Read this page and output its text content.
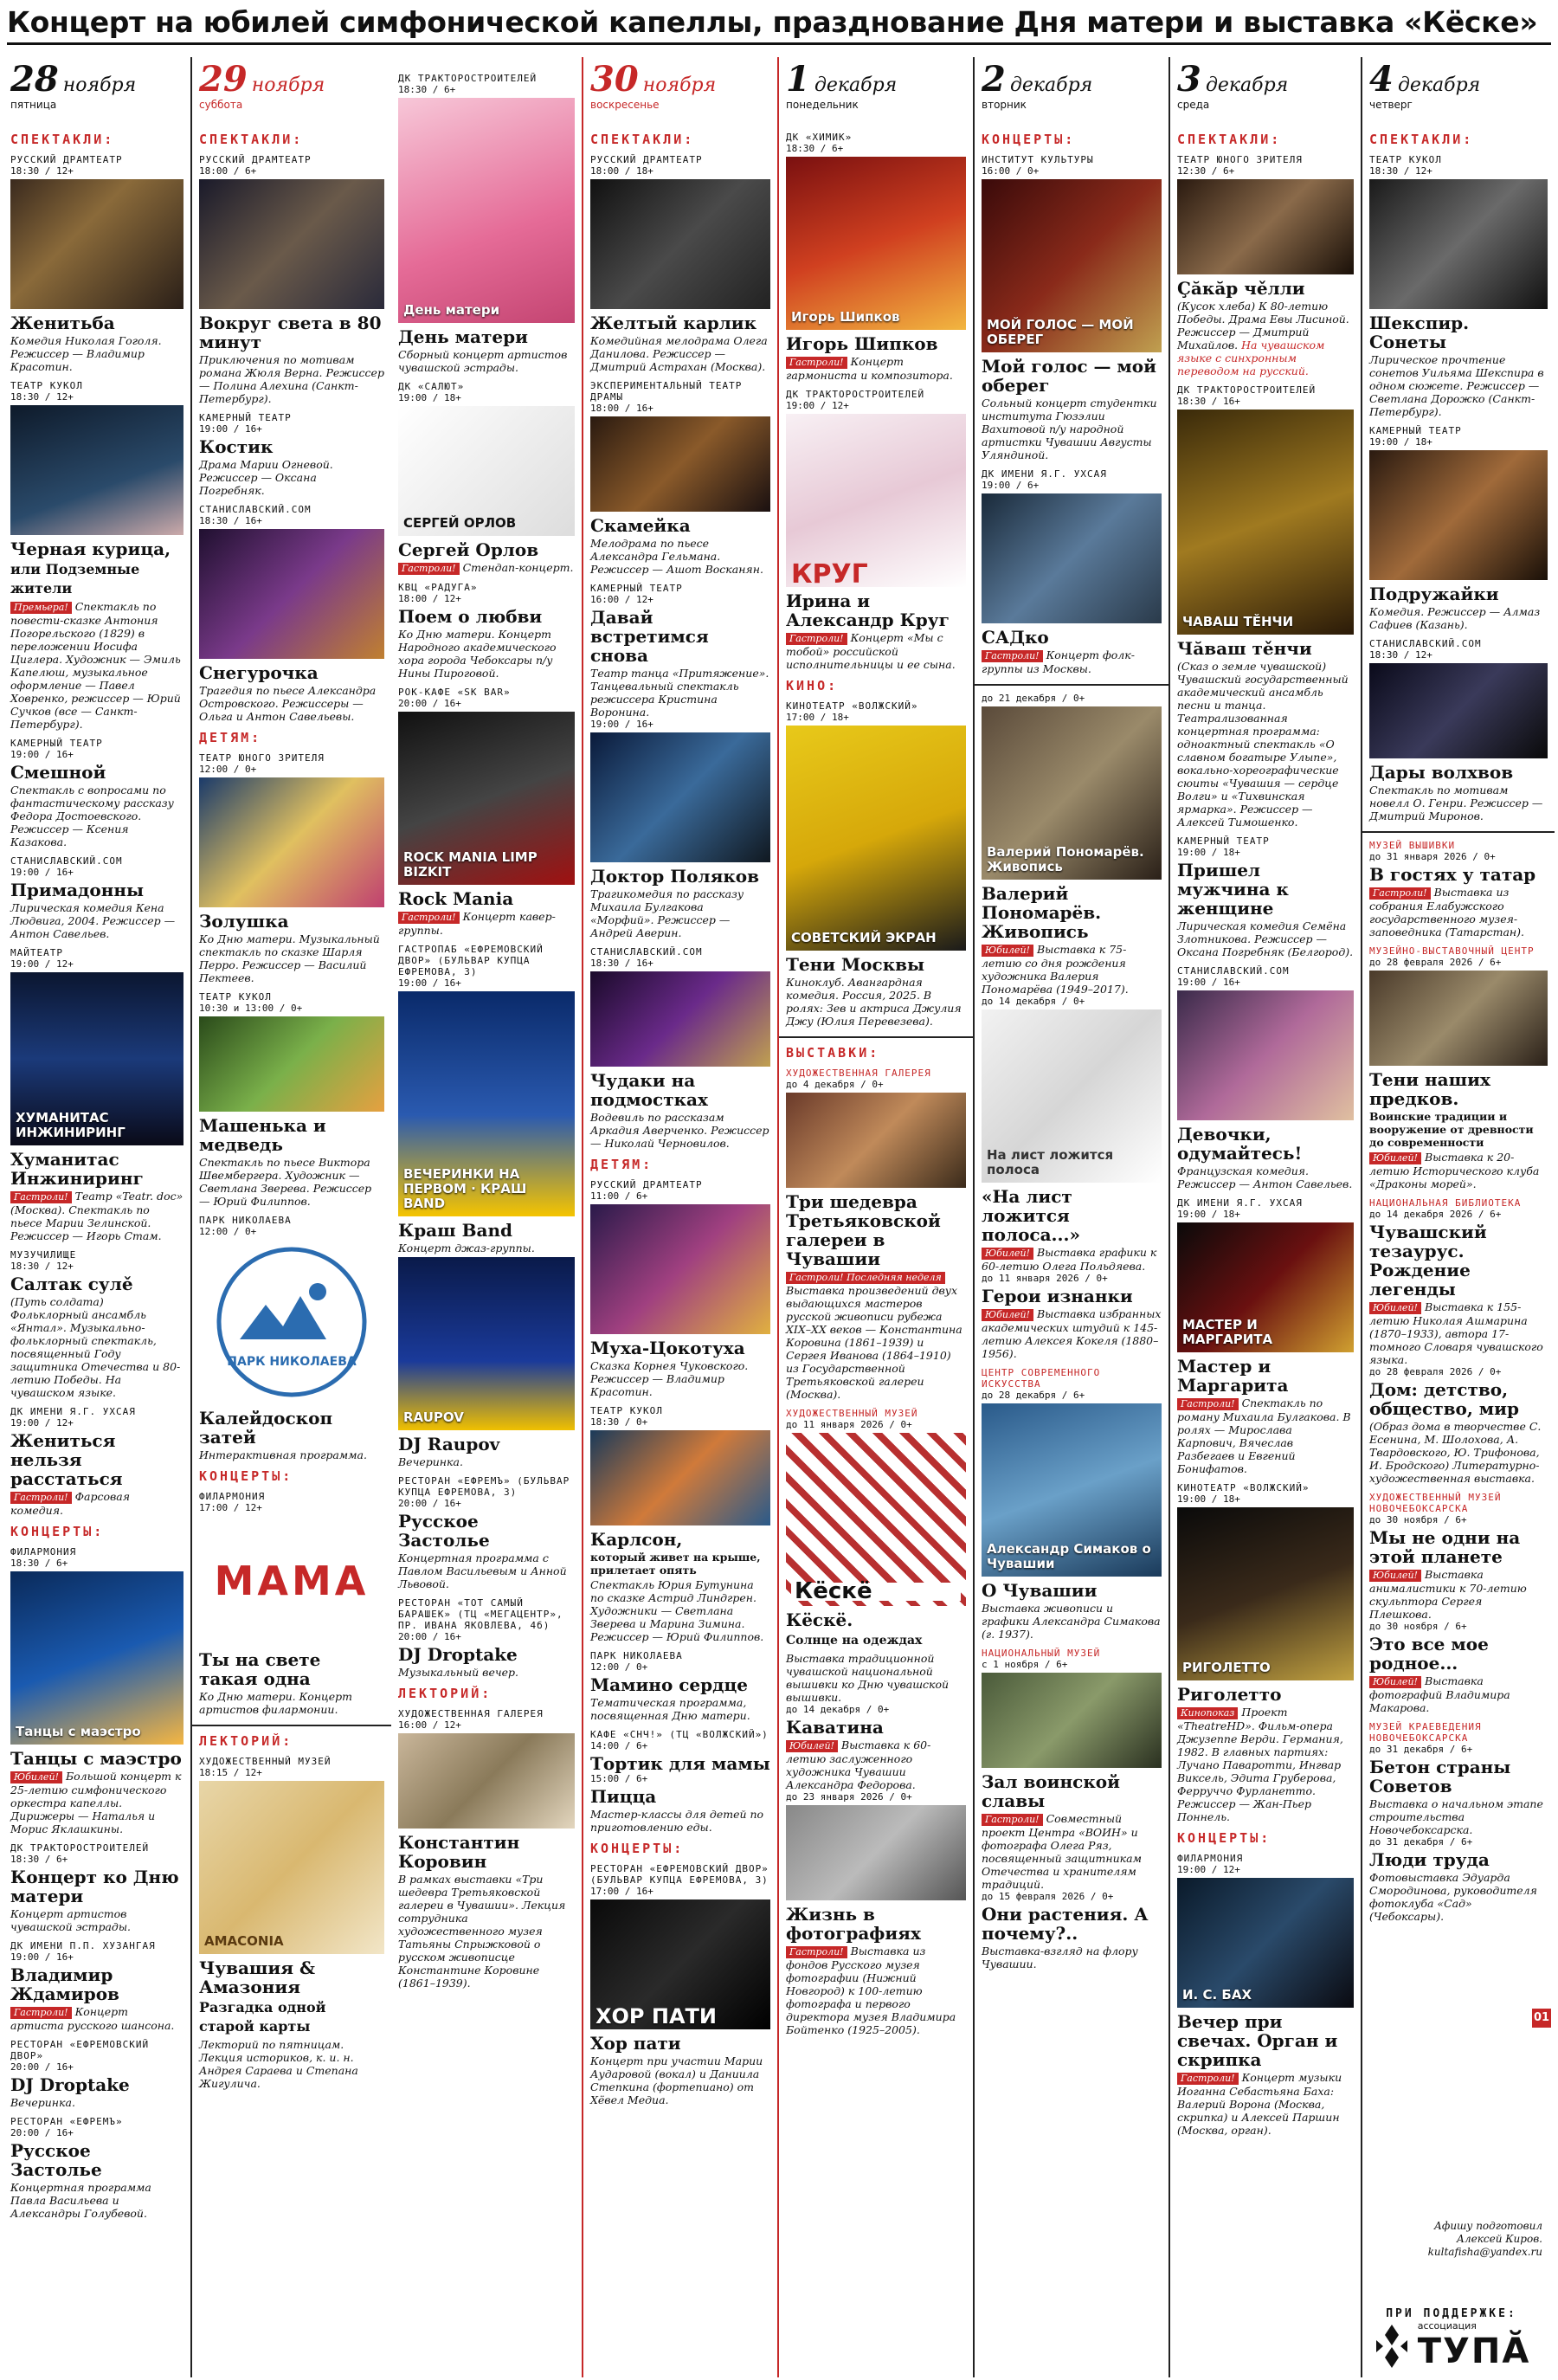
Концерт на юбилей симфонической капеллы, празднование Дня матери и выставка «Кёске»
28 ноября
пятница
СПЕКТАКЛИ:
РУССКИЙ ДРАМТЕАТР
18:30 / 12+
Женитьба
Комедия Николая Гоголя. Режиссер — Владимир Красотин.
ТЕАТР КУКОЛ
18:30 / 12+
Черная курица,
или Подземные жители
Премьера! Спектакль по повести-сказке Антония Погорельского (1829) в переложении Иосифа Циглера. Художник — Эмиль Капелюш, музыкальное оформление — Павел Ховренко, режиссер — Юрий Сучков (все — Санкт-Петербург).
КАМЕРНЫЙ ТЕАТР
19:00 / 16+
Смешной
Спектакль с вопросами по фантастическому рассказу Федора Достоевского. Режиссер — Ксения Казакова.
СТАНИСЛАВСКИЙ.COM
19:00 / 16+
Примадонны
Лирическая комедия Кена Людвига, 2004. Режиссер — Антон Савельев.
МАЙТЕАТР
19:00 / 12+
ХУМАНИТАС ИНЖИНИРИНГ
Хуманитас Инжиниринг
Гастроли! Театр «Teatr. doc» (Москва). Спектакль по пьесе Марии Зелинской. Режиссер — Игорь Стам.
МУЗУЧИЛИЩЕ
18:30 / 12+
Салтак сулě
(Путь солдата) Фольклорный ансамбль «Янтал». Музыкально-фольклорный спектакль, посвященный Году защитника Отечества и 80-летию Победы. На чувашском языке.
ДК ИМЕНИ Я.Г. УХСАЯ
19:00 / 12+
Жениться нельзя расстаться
Гастроли! Фарсовая комедия.
КОНЦЕРТЫ:
ФИЛАРМОНИЯ
18:30 / 6+
Танцы с маэстро
Танцы с маэстро
Юбилей! Большой концерт к 25-летию симфонического оркестра капеллы. Дирижеры — Наталья и Морис Яклашкины.
ДК ТРАКТОРОСТРОИТЕЛЕЙ
18:30 / 6+
Концерт ко Дню матери
Концерт артистов чувашской эстрады.
ДК ИМЕНИ П.П. ХУЗАНГАЯ
19:00 / 16+
Владимир Ждамиров
Гастроли! Концерт артиста русского шансона.
РЕСТОРАН «ЕФРЕМОВСКИЙ ДВОР»
20:00 / 16+
DJ Droptake
Вечеринка.
РЕСТОРАН «ЕФРЕМЪ»
20:00 / 16+
Русское Застолье
Концертная программа Павла Васильева и Александры Голубевой.
29 ноября
суббота
СПЕКТАКЛИ:
РУССКИЙ ДРАМТЕАТР
18:00 / 6+
Вокруг света в 80 минут
Приключения по мотивам романа Жюля Верна. Режиссер — Полина Алехина (Санкт-Петербург).
КАМЕРНЫЙ ТЕАТР
19:00 / 16+
Костик
Драма Марии Огневой. Режиссер — Оксана Погребняк.
СТАНИСЛАВСКИЙ.COM
18:30 / 16+
Снегурочка
Трагедия по пьесе Александра Островского. Режиссеры — Ольга и Антон Савельевы.
ДЕТЯМ:
ТЕАТР ЮНОГО ЗРИТЕЛЯ
12:00 / 0+
Золушка
Ко Дню матери. Музыкальный спектакль по сказке Шарля Перро. Режиссер — Василий Пектеев.
ТЕАТР КУКОЛ
10:30 и 13:00 / 0+
Машенька и медведь
Спектакль по пьесе Виктора Швембергера. Художник — Светлана Зверева. Режиссер — Юрий Филиппов.
ПАРК НИКОЛАЕВА
12:00 / 0+
ПАРК НИКОЛАЕВА
Калейдоскоп затей
Интерактивная программа.
КОНЦЕРТЫ:
ФИЛАРМОНИЯ
17:00 / 12+
МАМА
Ты на свете такая одна
Ко Дню матери. Концерт артистов филармонии.
ЛЕКТОРИЙ:
ХУДОЖЕСТВЕННЫЙ МУЗЕЙ
18:15 / 12+
AMACONIA
Чувашия & Амазония
Разгадка одной старой карты
Лекторий по пятницам. Лекция историков, к. и. н. Андрея Сараева и Степана Жигулича.
ДК ТРАКТОРОСТРОИТЕЛЕЙ
18:30 / 6+
День матери
День матери
Сборный концерт артистов чувашской эстрады.
ДК «САЛЮТ»
19:00 / 18+
СЕРГЕЙ ОРЛОВ
Сергей Орлов
Гастроли! Стендап-концерт.
КВЦ «РАДУГА»
18:00 / 12+
Поем о любви
Ко Дню матери. Концерт Народного академического хора города Чебоксары п/у Нины Пироговой.
РОК-КАФЕ «SK BAR»
20:00 / 16+
ROCK MANIA LIMP BIZKIT
Rock Mania
Гастроли! Концерт кавер-группы.
ГАСТРОПАБ «ЕФРЕМОВСКИЙ ДВОР» (БУЛЬВАР КУПЦА ЕФРЕМОВА, 3)
19:00 / 16+
ВЕЧЕРИНКИ НА ПЕРВОМ · КРАШ BAND
Краш Band
Концерт джаз-группы.
RAUPOV
DJ Raupov
Вечеринка.
РЕСТОРАН «ЕФРЕМЪ» (БУЛЬВАР КУПЦА ЕФРЕМОВА, 3)
20:00 / 16+
Русское Застолье
Концертная программа с Павлом Васильевым и Анной Львовой.
РЕСТОРАН «ТОТ САМЫЙ БАРАШЕК» (ТЦ «МЕГАЦЕНТР», ПР. ИВАНА ЯКОВЛЕВА, 4б)
20:00 / 16+
DJ Droptake
Музыкальный вечер.
ЛЕКТОРИЙ:
ХУДОЖЕСТВЕННАЯ ГАЛЕРЕЯ
16:00 / 12+
Константин Коровин
В рамках выставки «Три шедевра Третьяковской галереи в Чувашии». Лекция сотрудника художественного музея Татьяны Спрыжковой о русском живописце Константине Коровине (1861–1939).
30 ноября
воскресенье
СПЕКТАКЛИ:
РУССКИЙ ДРАМТЕАТР
18:00 / 18+
Желтый карлик
Комедийная мелодрама Олега Данилова. Режиссер — Дмитрий Астрахан (Москва).
ЭКСПЕРИМЕНТАЛЬНЫЙ ТЕАТР ДРАМЫ
18:00 / 16+
Скамейка
Мелодрама по пьесе Александра Гельмана. Режиссер — Ашот Восканян.
КАМЕРНЫЙ ТЕАТР
16:00 / 12+
Давай встретимся снова
Театр танца «Притяжение». Танцевальный спектакль режиссера Кристина Воронина.
19:00 / 16+
Доктор Поляков
Трагикомедия по рассказу Михаила Булгакова «Морфий». Режиссер — Андрей Аверин.
СТАНИСЛАВСКИЙ.COM
18:30 / 16+
Чудаки на подмостках
Водевиль по рассказам Аркадия Аверченко. Режиссер — Николай Черновилов.
ДЕТЯМ:
РУССКИЙ ДРАМТЕАТР
11:00 / 6+
Муха-Цокотуха
Сказка Корнея Чуковского. Режиссер — Владимир Красотин.
ТЕАТР КУКОЛ
18:30 / 0+
Карлсон,
который живет на крыше, прилетает опять
Спектакль Юрия Бутунина по сказке Астрид Линдгрен. Художники — Светлана Зверева и Марина Зимина. Режиссер — Юрий Филиппов.
ПАРК НИКОЛАЕВА
12:00 / 0+
Мамино сердце
Тематическая программа, посвященная Дню матери.
КАФЕ «СНЧ!» (ТЦ «ВОЛЖСКИЙ»)
14:00 / 6+
Тортик для мамы
15:00 / 6+
Пицца
Мастер-классы для детей по приготовлению еды.
КОНЦЕРТЫ:
РЕСТОРАН «ЕФРЕМОВСКИЙ ДВОР» (БУЛЬВАР КУПЦА ЕФРЕМОВА, 3)
17:00 / 16+
ХОР ПАТИ
Хор пати
Концерт при участии Марии Аударовой (вокал) и Даниила Степкина (фортепиано) от Хёвел Медиа.
1 декабря
понедельник
ДК «ХИМИК»
18:30 / 6+
Игорь Шипков
Игорь Шипков
Гастроли! Концерт гармониста и композитора.
ДК ТРАКТОРОСТРОИТЕЛЕЙ
19:00 / 12+
КРУГ
Ирина и Александр Круг
Гастроли! Концерт «Мы с тобой» российской исполнительницы и ее сына.
КИНО:
КИНОТЕАТР «ВОЛЖСКИЙ»
17:00 / 18+
СОВЕТСКИЙ ЭКРАН
Тени Москвы
Киноклуб. Авангардная комедия. Россия, 2025. В ролях: Зев и актриса Джулия Джу (Юлия Перевезева).
ВЫСТАВКИ:
ХУДОЖЕСТВЕННАЯ ГАЛЕРЕЯ
до 4 декабря / 0+
Три шедевра Третьяковской галереи в Чувашии
Гастроли! Последняя неделяВыставка произведений двух выдающихся мастеров русской живописи рубежа XIX–XX веков — Константина Коровина (1861–1939) и Сергея Иванова (1864–1910) из Государственной Третьяковской галереи (Москва).
ХУДОЖЕСТВЕННЫЙ МУЗЕЙ
до 11 января 2026 / 0+
Кёскё
Кёскё.
Солнце на одеждах
Выставка традиционной чувашской национальной вышивки ко Дню чувашской вышивки.
до 14 декабря / 0+
Каватина
Юбилей! Выставка к 60-летию заслуженного художника Чувашии Александра Федорова.
до 23 января 2026 / 0+
Жизнь в фотографиях
Гастроли! Выставка из фондов Русского музея фотографии (Нижний Новгород) к 100-летию фотографа и первого директора музея Владимира Бойтенко (1925–2005).
2 декабря
вторник
КОНЦЕРТЫ:
ИНСТИТУТ КУЛЬТУРЫ
16:00 / 0+
МОЙ ГОЛОС — МОЙ ОБЕРЕГ
Мой голос — мой оберег
Сольный концерт студентки института Гюзэлии Вахитовой п/у народной артистки Чувашии Августы Уляндиной.
ДК ИМЕНИ Я.Г. УХСАЯ
19:00 / 6+
САДко
Гастроли! Концерт фолк-группы из Москвы.
до 21 декабря / 0+
Валерий Пономарёв. Живопись
Валерий Пономарёв. Живопись
Юбилей! Выставка к 75-летию со дня рождения художника Валерия Пономарёва (1949–2017).
до 14 декабря / 0+
На лист ложится полоса
«На лист ложится полоса...»
Юбилей! Выставка графики к 60-летию Олега Польдяева.
до 11 января 2026 / 0+
Герои изнанки
Юбилей! Выставка избранных академических штудий к 145-летию Алексея Кокеля (1880–1956).
ЦЕНТР СОВРЕМЕННОГО ИСКУССТВА
до 28 декабря / 6+
Александр Симаков о Чувашии
О Чувашии
Выставка живописи и графики Александра Симакова (г. 1937).
НАЦИОНАЛЬНЫЙ МУЗЕЙ
с 1 ноября / 6+
Зал воинской славы
Гастроли! Совместный проект Центра «ВОИН» и фотографа Олега Ряз, посвященный защитникам Отечества и хранителям традиций.
до 15 февраля 2026 / 0+
Они растения. А почему?..
Выставка-взгляд на флору Чувашии.
3 декабря
среда
СПЕКТАКЛИ:
ТЕАТР ЮНОГО ЗРИТЕЛЯ
12:30 / 6+
Çăкăр чěлли
(Кусок хлеба) К 80-летию Победы. Драма Евы Лисиной. Режиссер — Дмитрий Михайлов. На чувашском языке с синхронным переводом на русский.
ДК ТРАКТОРОСТРОИТЕЛЕЙ
18:30 / 16+
ЧАВАШ ТĚНЧИ
Чăваш тěнчи
(Сказ о земле чувашской) Чувашский государственный академический ансамбль песни и танца. Театрализованная концертная программа: одноактный спектакль «О славном богатыре Улыпе», вокально-хореографические сюиты «Чувашия — сердце Волги» и «Тихвинская ярмарка». Режиссер — Алексей Тимошенко.
КАМЕРНЫЙ ТЕАТР
19:00 / 18+
Пришел мужчина к женщине
Лирическая комедия Семёна Злотникова. Режиссер — Оксана Погребняк (Белгород).
СТАНИСЛАВСКИЙ.COM
19:00 / 16+
Девочки, одумайтесь!
Французская комедия. Режиссер — Антон Савельев.
ДК ИМЕНИ Я.Г. УХСАЯ
19:00 / 18+
МАСТЕР И МАРГАРИТА
Мастер и Маргарита
Гастроли! Спектакль по роману Михаила Булгакова. В ролях — Мирослава Карпович, Вячеслав Разбегаев и Евгений Бонифатов.
КИНОТЕАТР «ВОЛЖСКИЙ»
19:00 / 18+
РИГОЛЕТТО
Риголетто
Кинопоказ Проект «TheatreHD». Фильм-опера Джузеппе Верди. Германия, 1982. В главных партиях: Лучано Паваротти, Ингвар Виксель, Эдита Груберова, Ферруччо Фурланетто. Режиссер — Жан-Пьер Поннель.
КОНЦЕРТЫ:
ФИЛАРМОНИЯ
19:00 / 12+
И. С. БАХ
Вечер при свечах. Орган и скрипка
Гастроли! Концерт музыки Иоганна Себастьяна Баха: Валерий Ворона (Москва, скрипка) и Алексей Паршин (Москва, орган).
4 декабря
четверг
СПЕКТАКЛИ:
ТЕАТР КУКОЛ
18:30 / 12+
Шекспир. Сонеты
Лирическое прочтение сонетов Уильяма Шекспира в одном сюжете. Режиссер — Светлана Дорожко (Санкт-Петербург).
КАМЕРНЫЙ ТЕАТР
19:00 / 18+
Подружайки
Комедия. Режиссер — Алмаз Сафиев (Казань).
СТАНИСЛАВСКИЙ.COM
18:30 / 12+
Дары волхвов
Спектакль по мотивам новелл О. Генри. Режиссер — Дмитрий Миронов.
МУЗЕЙ ВЫШИВКИ
до 31 января 2026 / 0+
В гостях у татар
Гастроли! Выставка из собрания Елабужского государственного музея-заповедника (Татарстан).
МУЗЕЙНО-ВЫСТАВОЧНЫЙ ЦЕНТР
до 28 февраля 2026 / 6+
Тени наших предков.
Воинские традиции и вооружение от древности до современности
Юбилей! Выставка к 20-летию Исторического клуба «Драконы морей».
НАЦИОНАЛЬНАЯ БИБЛИОТЕКА
до 14 декабря 2026 / 6+
Чувашский тезаурус. Рождение легенды
Юбилей! Выставка к 155-летию Николая Ашмарина (1870–1933), автора 17-томного Словаря чувашского языка.
до 28 февраля 2026 / 0+
Дом: детство, общество, мир
(Образ дома в творчестве С. Есенина, М. Шолохова, А. Твардовского, Ю. Трифонова, И. Бродского) Литературно-художественная выставка.
ХУДОЖЕСТВЕННЫЙ МУЗЕЙ НОВОЧЕБОКСАРСКА
до 30 ноября / 6+
Мы не одни на этой планете
Юбилей! Выставка анималистики к 70-летию скульптора Сергея Плешкова.
до 30 ноября / 6+
Это все мое родное...
Юбилей! Выставка фотографий Владимира Макарова.
МУЗЕЙ КРАЕВЕДЕНИЯ НОВОЧЕБОКСАРСКА
до 31 декабря / 6+
Бетон страны Советов
Выставка о начальном этапе строительства Новочебоксарска.
до 31 декабря / 6+
Люди труда
Фотовыставка Эдуарда Смородинова, руководителя фотоклуба «Сад» (Чебоксары).
01
Афишу подготовил
Алексей Киров.
kultafisha@yandex.ru
ПРИ ПОДДЕРЖКЕ:
ассоциация
ТУПĂ
